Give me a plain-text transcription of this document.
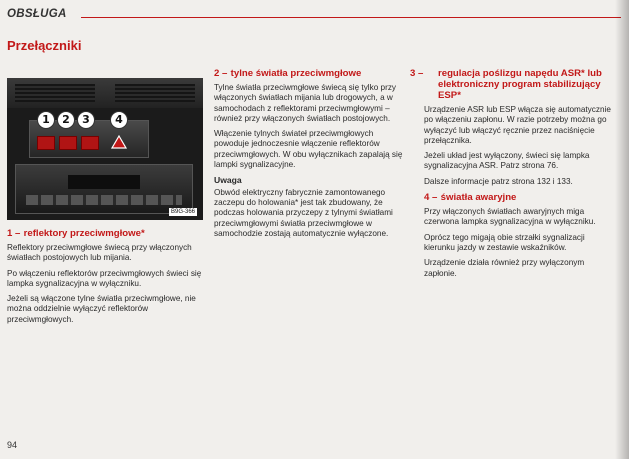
OBSŁUGA
Przełączniki
1	2	3	4
B9G-366
1 – reflektory przeciwmgłowe*

Reflektory przeciwmgłowe świecą przy włączonych światłach postojowych lub mijania.

Po włączeniu reflektorów przeciwmgłowych świeci się lampka sygnalizacyjna w wyłączniku.

Jeżeli są włączone tylne światła przeciwmgłowe, nie można oddzielnie wyłączyć reflektorów przeciwmgłowych.

2 – tylne światła przeciwmgłowe

Tylne światła przeciwmgłowe świecą się tylko przy włączonych światłach mijania lub drogowych, a w samochodach z reflektorami przeciwmgłowymi – również przy włączonych światłach postojowych.

Włączenie tylnych świateł przeciwmgłowych powoduje jednoczesnie włączenie reflektorów przeciwmgłowych. W obu wyłącznikach zapalają się lampki sygnalizacyjne.

Uwaga

Obwód elektryczny fabrycznie zamontowanego zaczepu do holowania* jest tak zbudowany, że podczas holowania przyczepy z tylnymi światłami przeciwmgłowymi światła przeciwmgłowe w samochodzie zostają automatycznie wyłączone.

3 – regulacja poślizgu napędu ASR* lub elektroniczny program stabilizujący ESP*

Urządzenie ASR lub ESP włącza się automatycznie po włączeniu zapłonu. W razie potrzeby można go wyłączyć lub włączyć ręcznie przez naciśnięcie przełącznika.

Jeżeli układ jest wyłączony, świeci się lampka sygnalizacyjna ASR. Patrz strona 76.

Dalsze informacje patrz strona 132 i 133.

4 – światła awaryjne

Przy włączonych światłach awaryjnych miga czerwona lampka sygnalizacyjna w wyłączniku.

Oprócz tego migają obie strzałki sygnalizacji kierunku jazdy w zestawie wskaźników.

Urządzenie działa również przy wyłączonym zapłonie.

94
